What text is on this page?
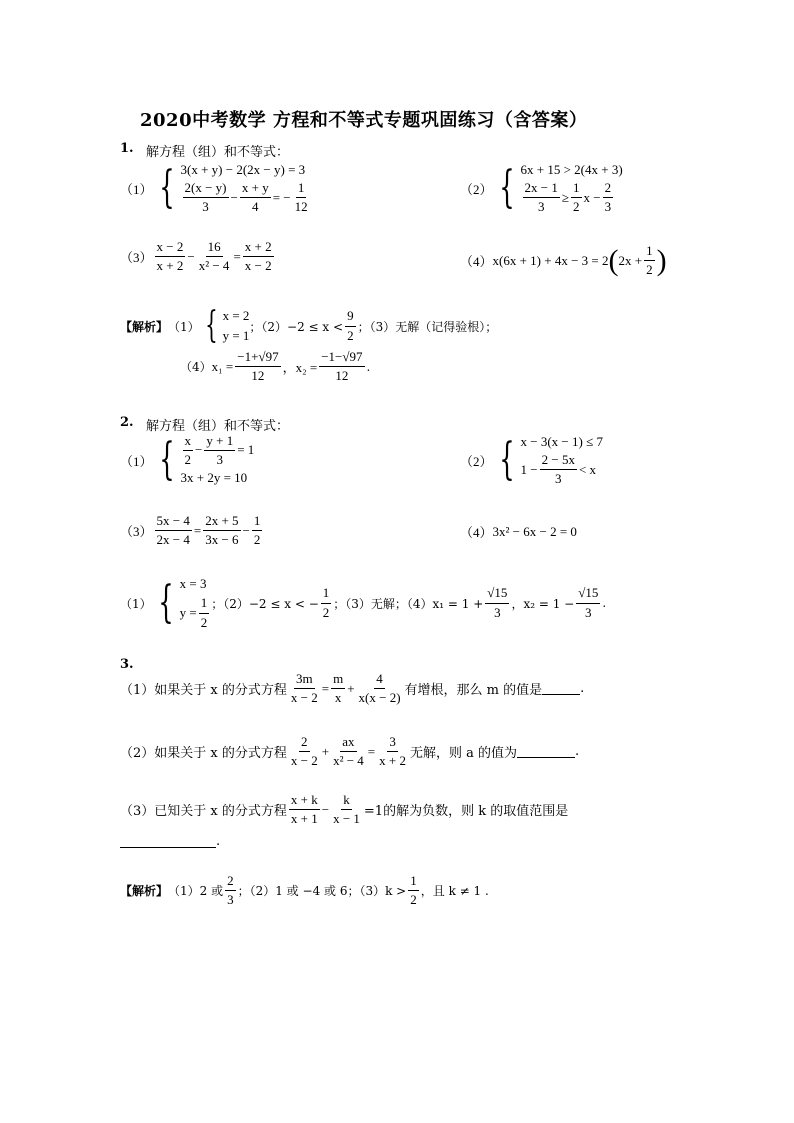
2020中考数学 方程和不等式专题巩固练习（含答案）
1. 解方程（组）和不等式：
（1） { 3(x + y) − 2(2x − y) = 3
$\frac{2(x - y)}{3} - \frac{x + y}{4}$ = − $\frac{1}{12}$	（2） { 6x + 15 > 2(4x + 3)
$\frac{2x - 1}{3} \ge \frac{1}{2}$ $x - \frac{2}{3}$
$(3) \frac{x - 2}{x + 2} - \frac{16}{\text{x² − 4}} = \frac{x + 2}{x - 2}$	（4） x(6x + 1) + 4x − 3 = 2 ( $2x + \frac{1}{2}$ )
【解析】 （1） { x = 2
y = 1
；$(2)-2 \le x < \frac{9}{2}$ ；（3）无解（记得验根）；
（4） $x_1 = \frac{-1+√97}{12}$ ，$x_2 = \frac{-1-√97}{12}$ .
2. 解方程（组）和不等式：
（1） { $\frac{x}{2} - \frac{y + 1}{3} = 1$
3x + 2y = 10
（2） { x − 3(x − 1) ≤ 7
$1 - \frac{2 - 5x}{3} < x$
$(3) \frac{5x - 4}{2x - 4} = \frac{2x + 5}{3x - 6} - \frac{1}{2}$	（4） 3x² − 6x − 2 = 0
（1） { x = 3
$y = \frac{1}{2}$ ；（2）−2 ≤ x < − $\frac{1}{2}$ ；（3）无解；$(4)x_1 = 1 + \frac{√15}{3}$ ，$x_2 = 1 - \frac{√15}{3}$ .
3.
（1）如果关于 x 的分式方程 $\frac{3m}{x - 2} = \frac{m}{x} + \frac{4}{x(x - 2)}$ 有增根，那么 m 的值是	.
（2）如果关于 x 的分式方程 $\frac{2}{x - 2} + \frac{ax}{\text{x² − 4}} = \frac{3}{x + 2}$ 无解，则 a 的值为	.
（3）已知关于 x 的分式方程 $\frac{x + k}{x + 1} - \frac{k}{x - 1} =1$的解为负数，则 k 的取值范围是
.
【解析】 （1）2 或 $\frac{2}{3}$ ；（2）1 或 −4 或 6；$(3)k > \frac{1}{2}$ ，且 k ≠ 1 .
